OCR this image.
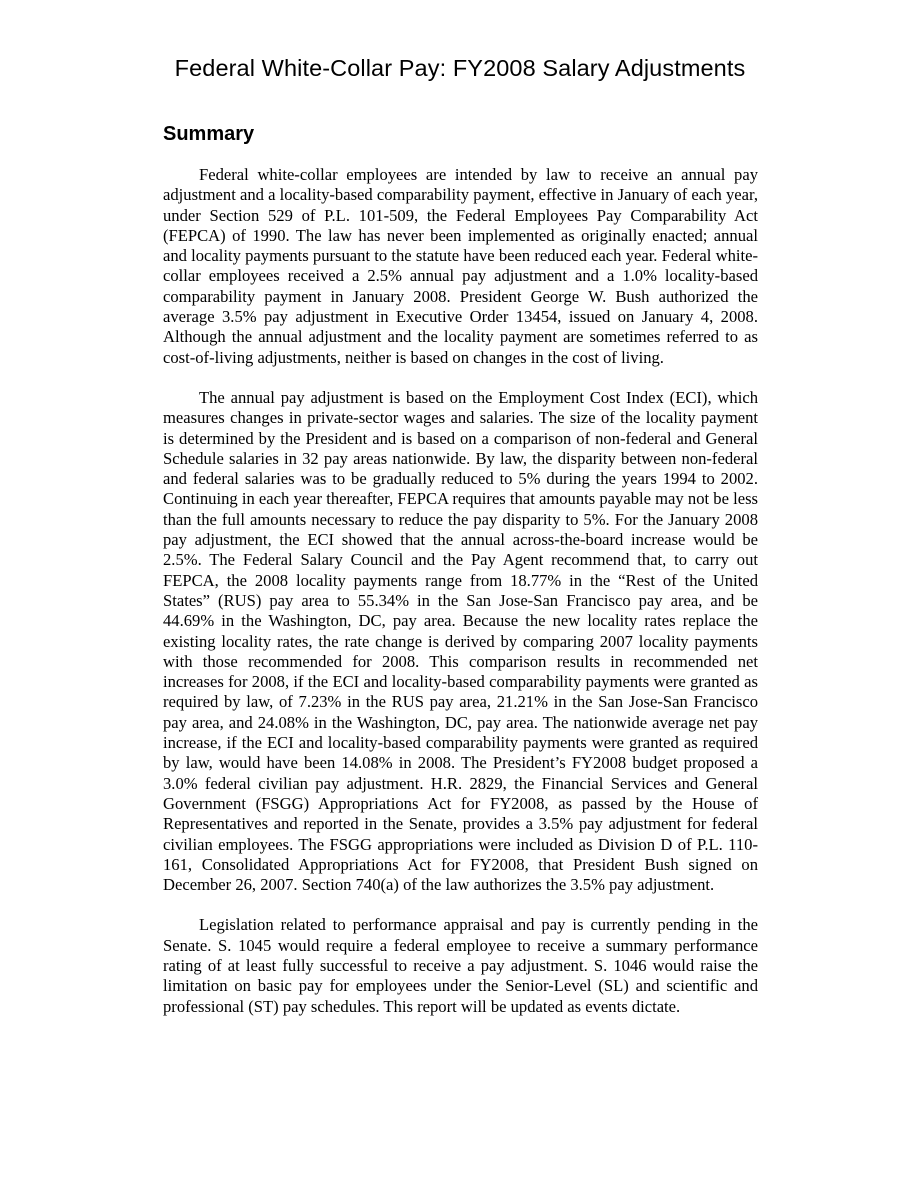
Federal White-Collar Pay: FY2008 Salary Adjustments
Summary

Federal white-collar employees are intended by law to receive an annual pay adjustment and a locality-based comparability payment, effective in January of each year, under Section 529 of P.L. 101-509, the Federal Employees Pay Comparability Act (FEPCA) of 1990. The law has never been implemented as originally enacted; annual and locality payments pursuant to the statute have been reduced each year. Federal white-collar employees received a 2.5% annual pay adjustment and a 1.0% locality-based comparability payment in January 2008. President George W. Bush authorized the average 3.5% pay adjustment in Executive Order 13454, issued on January 4, 2008. Although the annual adjustment and the locality payment are sometimes referred to as cost-of-living adjustments, neither is based on changes in the cost of living.

The annual pay adjustment is based on the Employment Cost Index (ECI), which measures changes in private-sector wages and salaries. The size of the locality payment is determined by the President and is based on a comparison of non-federal and General Schedule salaries in 32 pay areas nationwide. By law, the disparity between non-federal and federal salaries was to be gradually reduced to 5% during the years 1994 to 2002. Continuing in each year thereafter, FEPCA requires that amounts payable may not be less than the full amounts necessary to reduce the pay disparity to 5%. For the January 2008 pay adjustment, the ECI showed that the annual across-the-board increase would be 2.5%. The Federal Salary Council and the Pay Agent recommend that, to carry out FEPCA, the 2008 locality payments range from 18.77% in the “Rest of the United States” (RUS) pay area to 55.34% in the San Jose-San Francisco pay area, and be 44.69% in the Washington, DC, pay area. Because the new locality rates replace the existing locality rates, the rate change is derived by comparing 2007 locality payments with those recommended for 2008. This comparison results in recommended net increases for 2008, if the ECI and locality-based comparability payments were granted as required by law, of 7.23% in the RUS pay area, 21.21% in the San Jose-San Francisco pay area, and 24.08% in the Washington, DC, pay area. The nationwide average net pay increase, if the ECI and locality-based comparability payments were granted as required by law, would have been 14.08% in 2008. The President’s FY2008 budget proposed a 3.0% federal civilian pay adjustment. H.R. 2829, the Financial Services and General Government (FSGG) Appropriations Act for FY2008, as passed by the House of Representatives and reported in the Senate, provides a 3.5% pay adjustment for federal civilian employees. The FSGG appropriations were included as Division D of P.L. 110-161, Consolidated Appropriations Act for FY2008, that President Bush signed on December 26, 2007. Section 740(a) of the law authorizes the 3.5% pay adjustment.

Legislation related to performance appraisal and pay is currently pending in the Senate. S. 1045 would require a federal employee to receive a summary performance rating of at least fully successful to receive a pay adjustment. S. 1046 would raise the limitation on basic pay for employees under the Senior-Level (SL) and scientific and professional (ST) pay schedules. This report will be updated as events dictate.
